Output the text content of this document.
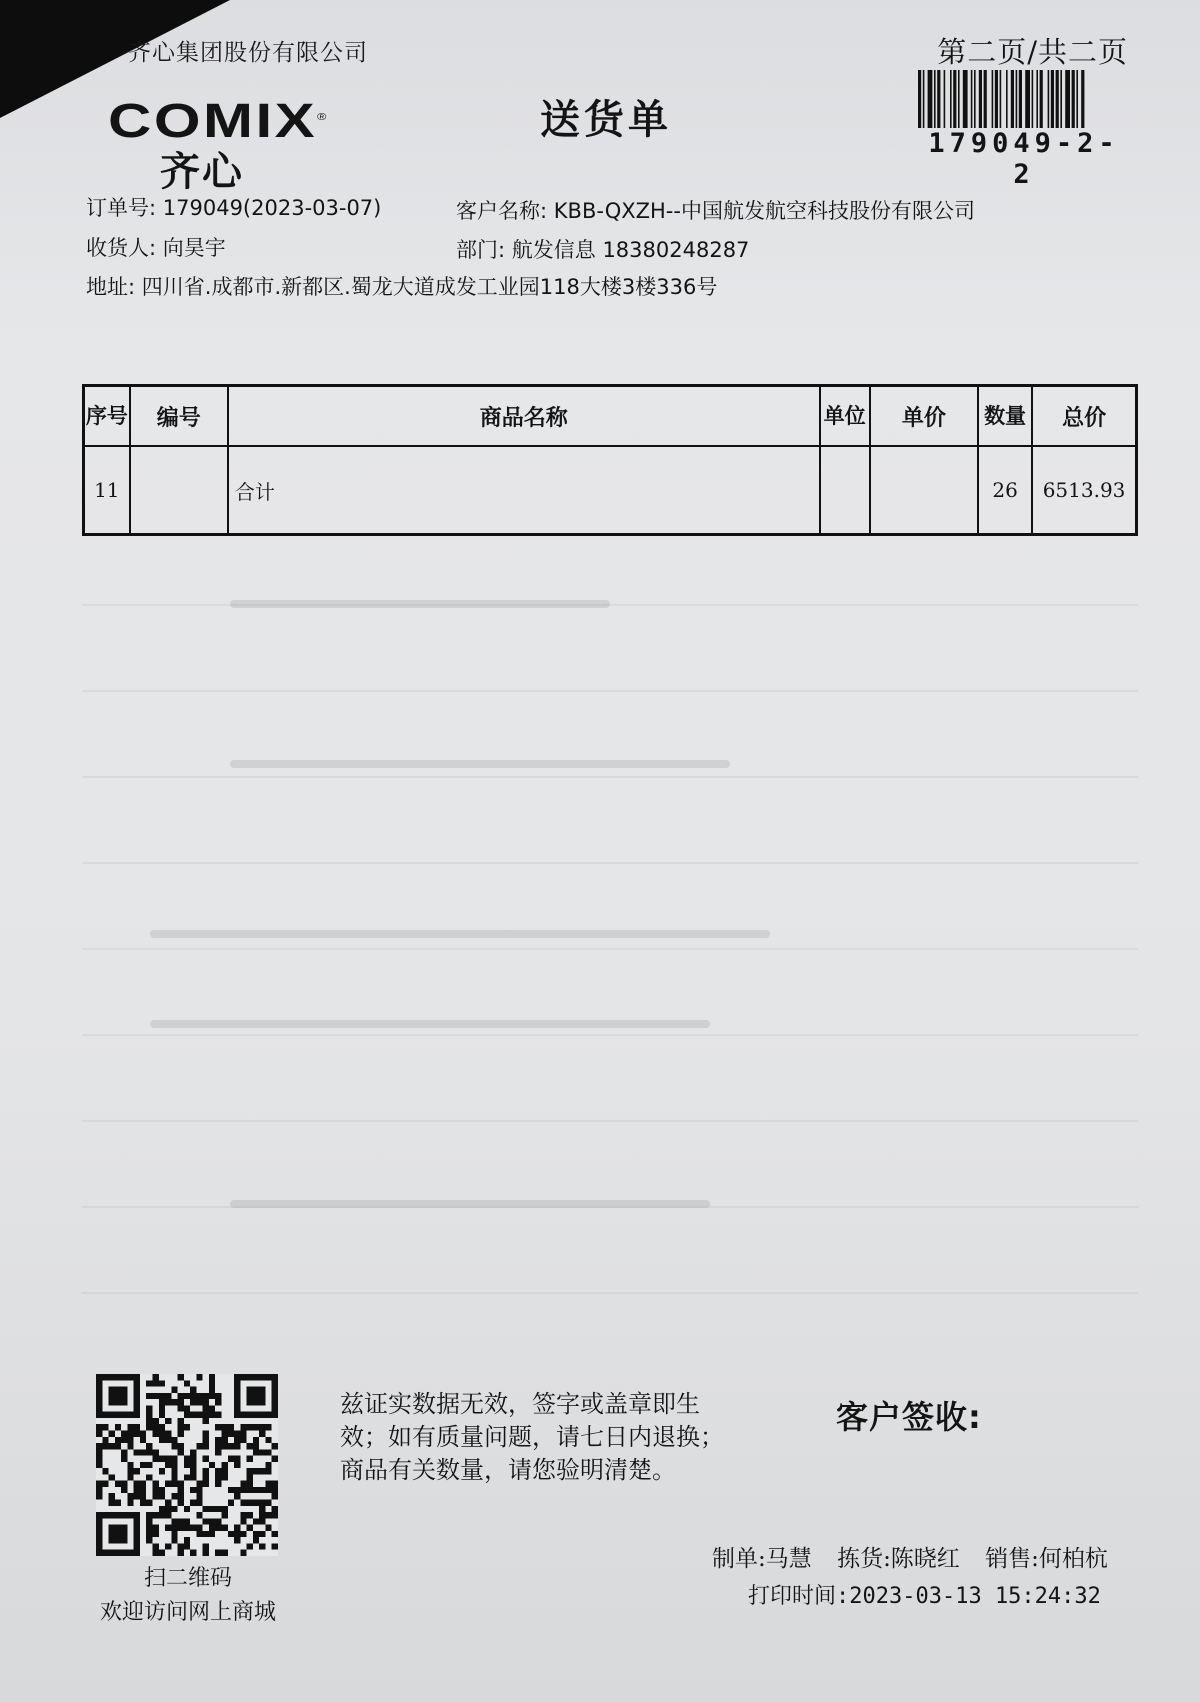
齐心集团股份有限公司	第二页/共二页
COMIX®
齐心
送货单
179049-2-2
订单号: 179049(2023-03-07)	客户名称: KBB-QXZH--中国航发航空科技股份有限公司
收货人: 向昊宇	部门: 航发信息 18380248287
地址: 四川省.成都市.新都区.蜀龙大道成发工业园118大楼3楼336号
序号	编号	商品名称	单位	单价	数量	总价
11		合计			26	6513.93
扫二维码
欢迎访问网上商城
兹证实数据无效，签字或盖章即生
效；如有质量问题，请七日内退换；
商品有关数量，请您验明清楚。
客户签收:
制单:马慧 拣货:陈晓红 销售:何柏杭
打印时间:2023-03-13 15:24:32
